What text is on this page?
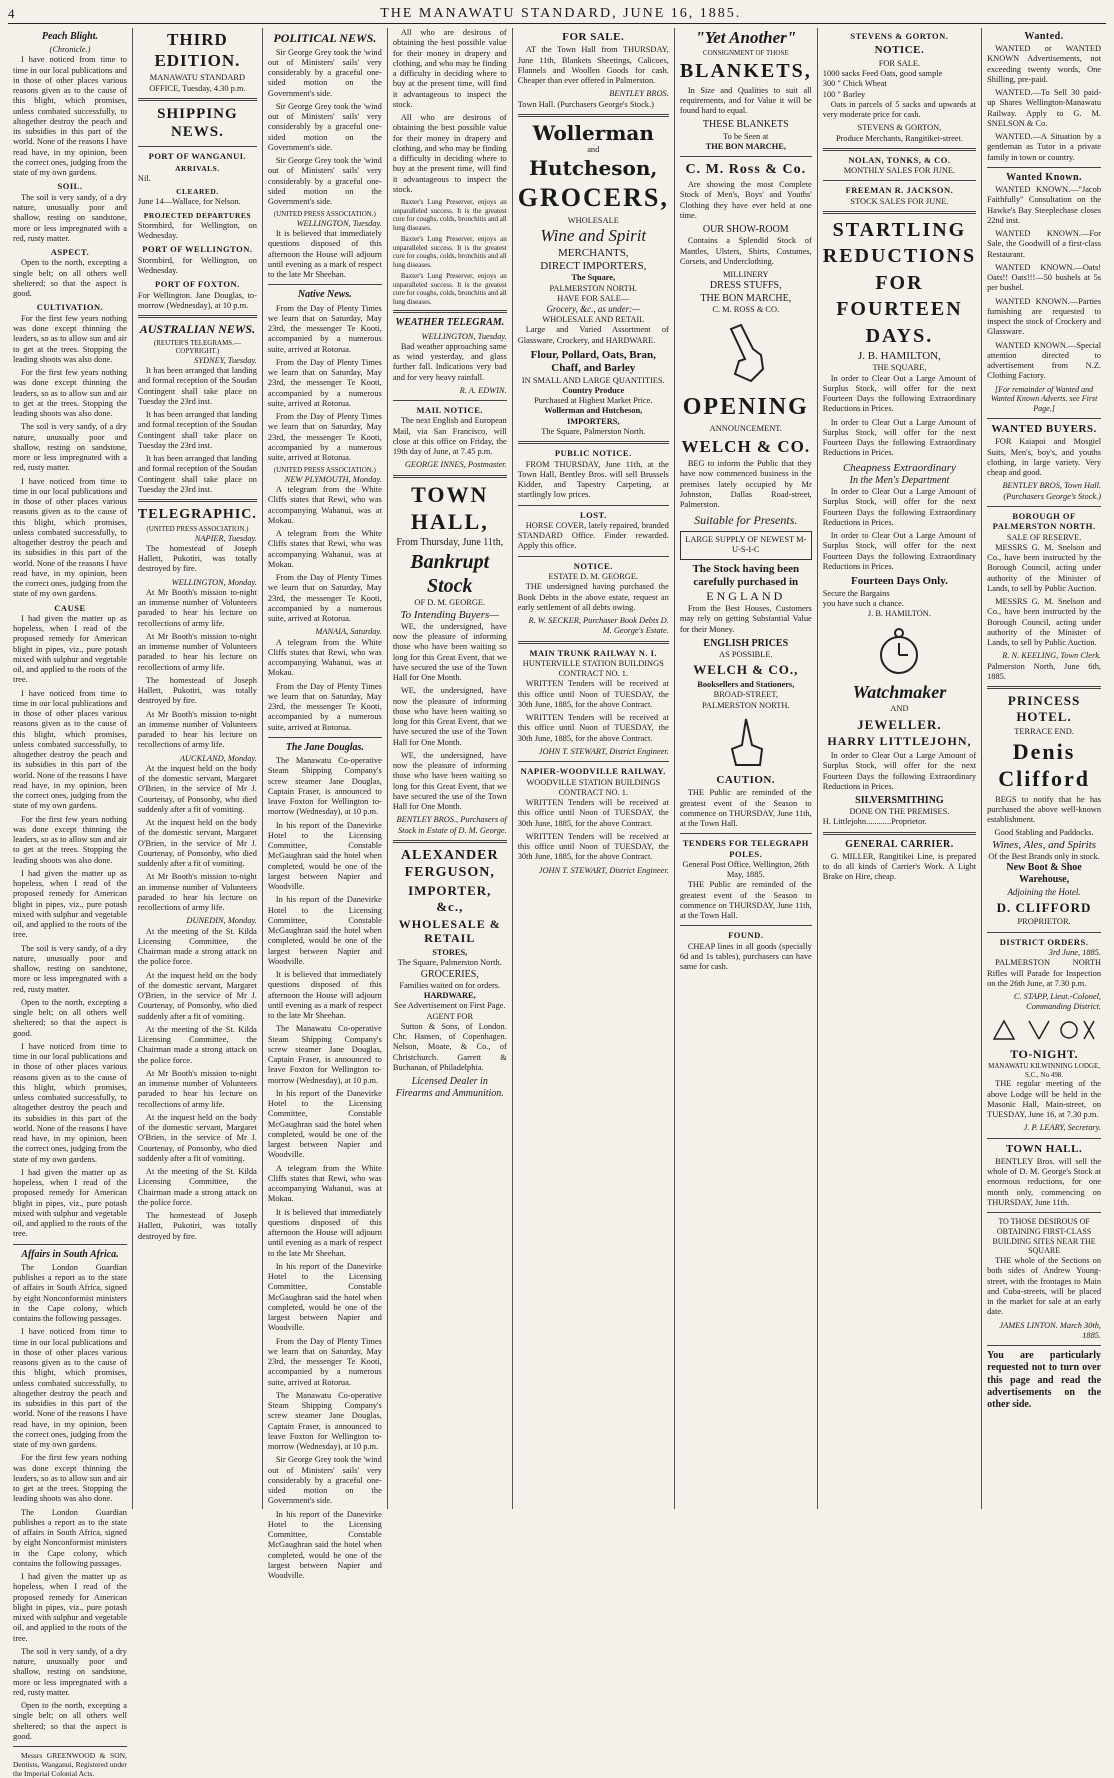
4	THE MANAWATU STANDARD, JUNE 16, 1885.
Peach Blight.
(Chronicle.)

I have noticed from time to time in our local publications and in those of other places various reasons given as to the cause of this blight, which promises, unless combated successfully, to altogether destroy the peach and its subsidies in this part of the world. None of the reasons I have read have, in my opinion, been the correct ones, judging from the state of my own gardens.

SOIL.

The soil is very sandy, of a dry nature, unusually poor and shallow, resting on sandstone, more or less impregnated with a red, rusty matter.

ASPECT.

Open to the north, excepting a single belt; on all others well sheltered; so that the aspect is good.

CULTIVATION.

For the first few years nothing was done except thinning the leaders, so as to allow sun and air to get at the trees. Stopping the leading shoots was also done.

For the first few years nothing was done except thinning the leaders, so as to allow sun and air to get at the trees. Stopping the leading shoots was also done.

The soil is very sandy, of a dry nature, unusually poor and shallow, resting on sandstone, more or less impregnated with a red, rusty matter.

I have noticed from time to time in our local publications and in those of other places various reasons given as to the cause of this blight, which promises, unless combated successfully, to altogether destroy the peach and its subsidies in this part of the world. None of the reasons I have read have, in my opinion, been the correct ones, judging from the state of my own gardens.

CAUSE

I had given the matter up as hopeless, when I read of the proposed remedy for American blight in pipes, viz., pure potash mixed with sulphur and vegetable oil, and applied to the roots of the tree.

I have noticed from time to time in our local publications and in those of other places various reasons given as to the cause of this blight, which promises, unless combated successfully, to altogether destroy the peach and its subsidies in this part of the world. None of the reasons I have read have, in my opinion, been the correct ones, judging from the state of my own gardens.

For the first few years nothing was done except thinning the leaders, so as to allow sun and air to get at the trees. Stopping the leading shoots was also done.

I had given the matter up as hopeless, when I read of the proposed remedy for American blight in pipes, viz., pure potash mixed with sulphur and vegetable oil, and applied to the roots of the tree.

The soil is very sandy, of a dry nature, unusually poor and shallow, resting on sandstone, more or less impregnated with a red, rusty matter.

Open to the north, excepting a single belt; on all others well sheltered; so that the aspect is good.

I have noticed from time to time in our local publications and in those of other places various reasons given as to the cause of this blight, which promises, unless combated successfully, to altogether destroy the peach and its subsidies in this part of the world. None of the reasons I have read have, in my opinion, been the correct ones, judging from the state of my own gardens.

I had given the matter up as hopeless, when I read of the proposed remedy for American blight in pipes, viz., pure potash mixed with sulphur and vegetable oil, and applied to the roots of the tree.

Affairs in South Africa.

The London Guardian publishes a report as to the state of affairs in South Africa, signed by eight Nonconformist ministers in the Cape colony, which contains the following passages.

I have noticed from time to time in our local publications and in those of other places various reasons given as to the cause of this blight, which promises, unless combated successfully, to altogether destroy the peach and its subsidies in this part of the world. None of the reasons I have read have, in my opinion, been the correct ones, judging from the state of my own gardens.

For the first few years nothing was done except thinning the leaders, so as to allow sun and air to get at the trees. Stopping the leading shoots was also done.

The London Guardian publishes a report as to the state of affairs in South Africa, signed by eight Nonconformist ministers in the Cape colony, which contains the following passages.

I had given the matter up as hopeless, when I read of the proposed remedy for American blight in pipes, viz., pure potash mixed with sulphur and vegetable oil, and applied to the roots of the tree.

The soil is very sandy, of a dry nature, unusually poor and shallow, resting on sandstone, more or less impregnated with a red, rusty matter.

Open to the north, excepting a single belt; on all others well sheltered; so that the aspect is good.

Messrs GREENWOOD & SON, Dentists, Wanganui, Registered under the Imperial Colonial Acts.

THIRD EDITION.
MANAWATU STANDARD OFFICE, Tuesday, 4.30 p.m.
SHIPPING NEWS.
PORT OF WANGANUI.
ARRIVALS.
Nil.
CLEARED.
June 14—Wallace, for Nelson.
PROJECTED DEPARTURES
Stormbird, for Wellington, on Wednesday.
PORT OF WELLINGTON.
Stormbird, for Wellington, on Wednesday.
PORT OF FOXTON.
For Wellington. Jane Douglas, to-morrow (Wednesday), at 10 p.m.
AUSTRALIAN NEWS.
(REUTER'S TELEGRAMS.—COPYRIGHT.)
SYDNEY, Tuesday.

It has been arranged that landing and formal reception of the Soudan Contingent shall take place on Tuesday the 23rd inst.

It has been arranged that landing and formal reception of the Soudan Contingent shall take place on Tuesday the 23rd inst.

It has been arranged that landing and formal reception of the Soudan Contingent shall take place on Tuesday the 23rd inst.

TELEGRAPHIC.
(UNITED PRESS ASSOCIATION.)
NAPIER, Tuesday.

The homestead of Joseph Hallett, Pukotiri, was totally destroyed by fire.

WELLINGTON, Monday.

At Mr Booth's mission to-night an immense number of Volunteers paraded to hear his lecture on recollections of army life.

At Mr Booth's mission to-night an immense number of Volunteers paraded to hear his lecture on recollections of army life.

The homestead of Joseph Hallett, Pukotiri, was totally destroyed by fire.

At Mr Booth's mission to-night an immense number of Volunteers paraded to hear his lecture on recollections of army life.

AUCKLAND, Monday.

At the inquest held on the body of the domestic servant, Margaret O'Brien, in the service of Mr J. Courtenay, of Ponsonby, who died suddenly after a fit of vomiting.

At the inquest held on the body of the domestic servant, Margaret O'Brien, in the service of Mr J. Courtenay, of Ponsonby, who died suddenly after a fit of vomiting.

At Mr Booth's mission to-night an immense number of Volunteers paraded to hear his lecture on recollections of army life.

DUNEDIN, Monday.

At the meeting of the St. Kilda Licensing Committee, the Chairman made a strong attack on the police force.

At the inquest held on the body of the domestic servant, Margaret O'Brien, in the service of Mr J. Courtenay, of Ponsonby, who died suddenly after a fit of vomiting.

At the meeting of the St. Kilda Licensing Committee, the Chairman made a strong attack on the police force.

At Mr Booth's mission to-night an immense number of Volunteers paraded to hear his lecture on recollections of army life.

At the inquest held on the body of the domestic servant, Margaret O'Brien, in the service of Mr J. Courtenay, of Ponsonby, who died suddenly after a fit of vomiting.

At the meeting of the St. Kilda Licensing Committee, the Chairman made a strong attack on the police force.

The homestead of Joseph Hallett, Pukotiri, was totally destroyed by fire.

POLITICAL NEWS.

Sir George Grey took the 'wind out of Ministers' sails' very considerably by a graceful one-sided motion on the Government's side.

Sir George Grey took the 'wind out of Ministers' sails' very considerably by a graceful one-sided motion on the Government's side.

Sir George Grey took the 'wind out of Ministers' sails' very considerably by a graceful one-sided motion on the Government's side.

(UNITED PRESS ASSOCIATION.)
WELLINGTON, Tuesday.

It is believed that immediately questions disposed of this afternoon the House will adjourn until evening as a mark of respect to the late Mr Sheehan.

Native News.

From the Day of Plenty Times we learn that on Saturday, May 23rd, the messenger Te Kooti, accompanied by a numerous suite, arrived at Rotorua.

From the Day of Plenty Times we learn that on Saturday, May 23rd, the messenger Te Kooti, accompanied by a numerous suite, arrived at Rotorua.

From the Day of Plenty Times we learn that on Saturday, May 23rd, the messenger Te Kooti, accompanied by a numerous suite, arrived at Rotorua.

(UNITED PRESS ASSOCIATION.)
NEW PLYMOUTH, Monday.

A telegram from the White Cliffs states that Rewi, who was accompanying Wahanui, was at Mokau.

A telegram from the White Cliffs states that Rewi, who was accompanying Wahanui, was at Mokau.

From the Day of Plenty Times we learn that on Saturday, May 23rd, the messenger Te Kooti, accompanied by a numerous suite, arrived at Rotorua.

MANAIA, Saturday.

A telegram from the White Cliffs states that Rewi, who was accompanying Wahanui, was at Mokau.

From the Day of Plenty Times we learn that on Saturday, May 23rd, the messenger Te Kooti, accompanied by a numerous suite, arrived at Rotorua.

The Jane Douglas.

The Manawatu Co-operative Steam Shipping Company's screw steamer Jane Douglas, Captain Fraser, is announced to leave Foxton for Wellington to-morrow (Wednesday), at 10 p.m.

In his report of the Danevirke Hotel to the Licensing Committee, Constable McGaughran said the hotel when completed, would be one of the largest between Napier and Woodville.

In his report of the Danevirke Hotel to the Licensing Committee, Constable McGaughran said the hotel when completed, would be one of the largest between Napier and Woodville.

It is believed that immediately questions disposed of this afternoon the House will adjourn until evening as a mark of respect to the late Mr Sheehan.

The Manawatu Co-operative Steam Shipping Company's screw steamer Jane Douglas, Captain Fraser, is announced to leave Foxton for Wellington to-morrow (Wednesday), at 10 p.m.

In his report of the Danevirke Hotel to the Licensing Committee, Constable McGaughran said the hotel when completed, would be one of the largest between Napier and Woodville.

A telegram from the White Cliffs states that Rewi, who was accompanying Wahanui, was at Mokau.

It is believed that immediately questions disposed of this afternoon the House will adjourn until evening as a mark of respect to the late Mr Sheehan.

In his report of the Danevirke Hotel to the Licensing Committee, Constable McGaughran said the hotel when completed, would be one of the largest between Napier and Woodville.

From the Day of Plenty Times we learn that on Saturday, May 23rd, the messenger Te Kooti, accompanied by a numerous suite, arrived at Rotorua.

The Manawatu Co-operative Steam Shipping Company's screw steamer Jane Douglas, Captain Fraser, is announced to leave Foxton for Wellington to-morrow (Wednesday), at 10 p.m.

Sir George Grey took the 'wind out of Ministers' sails' very considerably by a graceful one-sided motion on the Government's side.

In his report of the Danevirke Hotel to the Licensing Committee, Constable McGaughran said the hotel when completed, would be one of the largest between Napier and Woodville.

All who are desirous of obtaining the best possible value for their money in drapery and clothing, and who may be finding a difficulty in deciding where to buy at the present time, will find it advantageous to inspect the stock.

All who are desirous of obtaining the best possible value for their money in drapery and clothing, and who may be finding a difficulty in deciding where to buy at the present time, will find it advantageous to inspect the stock.

Baxter's Lung Preserver, enjoys an unparalleled success. It is the greatest cure for coughs, colds, bronchitis and all lung diseases.

Baxter's Lung Preserver, enjoys an unparalleled success. It is the greatest cure for coughs, colds, bronchitis and all lung diseases.

Baxter's Lung Preserver, enjoys an unparalleled success. It is the greatest cure for coughs, colds, bronchitis and all lung diseases.

WEATHER TELEGRAM.
WELLINGTON, Tuesday.

Bad weather approaching same as wind yesterday, and glass further fall. Indications very bad and for very heavy rainfall.

R. A. EDWIN.
MAIL NOTICE.

The next English and European Mail, via San Francisco, will close at this office on Friday, the 19th day of June, at 7.45 p.m.

GEORGE INNES, Postmaster.
TOWN HALL,
From Thursday, June 11th,
Bankrupt Stock
OF D. M. GEORGE.
To Intending Buyers—

WE, the undersigned, have now the pleasure of informing those who have been waiting so long for this Great Event, that we have secured the use of the Town Hall for One Month.

WE, the undersigned, have now the pleasure of informing those who have been waiting so long for this Great Event, that we have secured the use of the Town Hall for One Month.

WE, the undersigned, have now the pleasure of informing those who have been waiting so long for this Great Event, that we have secured the use of the Town Hall for One Month.

BENTLEY BROS., Purchasers of Stock in Estate of D. M. George.
ALEXANDER FERGUSON,
IMPORTER, &c.,
WHOLESALE & RETAIL
STORES,
The Square, Palmerston North.
GROCERIES,
Families waited on for orders.
HARDWARE,
See Advertisement on First Page.
AGENT FOR

Sutton & Sons, of London. Chr. Hansen, of Copenhagen. Nelson, Moate, & Co., of Christchurch. Garrett & Buchanan, of Philadelphia.

Licensed Dealer in Firearms and Ammunition.
FOR SALE.

AT the Town Hall from THURSDAY, June 11th, Blankets Sheetings, Calicoes, Flannels and Woollen Goods for cash. Cheaper than ever offered in Palmerston.

BENTLEY BROS.
Town Hall. (Purchasers George's Stock.)
Wollerman
and
Hutcheson,
GROCERS,
WHOLESALE
Wine and Spirit
MERCHANTS,
DIRECT IMPORTERS,
The Square,
PALMERSTON NORTH.
HAVE FOR SALE—
Grocery, &c., as under:—
WHOLESALE AND RETAIL

Large and Varied Assortment of Glassware, Crockery, and HARDWARE.

Flour, Pollard, Oats, Bran, Chaff, and Barley
IN SMALL AND LARGE QUANTITIES.
Country Produce
Purchased at Highest Market Price.
Wollerman and Hutcheson, IMPORTERS,
The Square, Palmerston North.
PUBLIC NOTICE.

FROM THURSDAY, June 11th, at the Town Hall, Bentley Bros. will sell Brussels Kidder, and Tapestry Carpeting, at startlingly low prices.

LOST.

HORSE COVER, lately repaired, branded STANDARD Office. Finder rewarded. Apply this office.

NOTICE.
ESTATE D. M. GEORGE.

THE undersigned having purchased the Book Debts in the above estate, request an early settlement of all debts owing.

R. W. SECKER, Purchaser Book Debts D. M. George's Estate.
MAIN TRUNK RAILWAY N. I.
HUNTERVILLE STATION BUILDINGS CONTRACT NO. 1.

WRITTEN Tenders will be received at this office until Noon of TUESDAY, the 30th June, 1885, for the above Contract.

WRITTEN Tenders will be received at this office until Noon of TUESDAY, the 30th June, 1885, for the above Contract.

JOHN T. STEWART, District Engineer.
NAPIER-WOODVILLE RAILWAY.
WOODVILLE STATION BUILDINGS CONTRACT NO. 1.

WRITTEN Tenders will be received at this office until Noon of TUESDAY, the 30th June, 1885, for the above Contract.

WRITTEN Tenders will be received at this office until Noon of TUESDAY, the 30th June, 1885, for the above Contract.

JOHN T. STEWART, District Engineer.
"Yet Another"
CONSIGNMENT OF THOSE
BLANKETS,

In Size and Qualities to suit all requirements, and for Value it will be found hard to equal.

THESE BLANKETS
To be Seen at
THE BON MARCHE,
C. M. Ross & Co.

Are showing the most Complete Stock of Men's, Boys' and Youths' Clothing they have ever held at one time.

OUR SHOW-ROOM

Contains a Splendid Stock of Mantles, Ulsters, Shirts, Costumes, Corsets, and Underclothing.

MILLINERY
DRESS STUFFS,
THE BON MARCHE,
C. M. ROSS & CO.
OPENING
ANNOUNCEMENT.
WELCH & CO.

BEG to inform the Public that they have now commenced business in the premises lately occupied by Mr Johnston, Dallas Road-street, Palmerston.

Suitable for Presents.
LARGE SUPPLY OF NEWEST M-U-S-I-C
The Stock having been carefully purchased in
ENGLAND

From the Best Houses, Customers may rely on getting Substantial Value for their Money.

ENGLISH PRICES
AS POSSIBLE.
WELCH & CO.,
Booksellers and Stationers,
BROAD-STREET,
PALMERSTON NORTH.
CAUTION.

THE Public are reminded of the greatest event of the Season to commence on THURSDAY, June 11th, at the Town Hall.

TENDERS FOR TELEGRAPH POLES.
General Post Office, Wellington, 26th May, 1885.

THE Public are reminded of the greatest event of the Season to commence on THURSDAY, June 11th, at the Town Hall.

FOUND.

CHEAP lines in all goods (specially 6d and 1s tables), purchasers can have same for cash.

STEVENS & GORTON.
NOTICE.
FOR SALE.
1000 sacks Feed Oats, good sample
300 " Chick Wheat
100 " Barley

Oats in parcels of 5 sacks and upwards at very moderate price for cash.

STEVENS & GORTON,
Produce Merchants, Rangitikei-street.
NOLAN, TONKS, & CO.
MONTHLY SALES FOR JUNE.
FREEMAN R. JACKSON.
STOCK SALES FOR JUNE.
STARTLING
REDUCTIONS
FOR
FOURTEEN
DAYS.
J. B. HAMILTON,
THE SQUARE,

In order to Clear Out a Large Amount of Surplus Stock, will offer for the next Fourteen Days the following Extraordinary Reductions in Prices.

In order to Clear Out a Large Amount of Surplus Stock, will offer for the next Fourteen Days the following Extraordinary Reductions in Prices.

Cheapness Extraordinary
In the Men's Department

In order to Clear Out a Large Amount of Surplus Stock, will offer for the next Fourteen Days the following Extraordinary Reductions in Prices.

In order to Clear Out a Large Amount of Surplus Stock, will offer for the next Fourteen Days the following Extraordinary Reductions in Prices.

Fourteen Days Only.
Secure the Bargains
you have such a chance.
J. B. HAMILTON.
Watchmaker
AND
JEWELLER.
HARRY LITTLEJOHN,

In order to Clear Out a Large Amount of Surplus Stock, will offer for the next Fourteen Days the following Extraordinary Reductions in Prices.

SILVERSMITHING
DONE ON THE PREMISES.
H. Littlejohn............Proprietor.
GENERAL CARRIER.

G. MILLER, Rangitikei Line, is prepared to do all kinds of Carrier's Work. A Light Brake on Hire, cheap.

Wanted.

WANTED or WANTED KNOWN Advertisements, not exceeding twenty words, One Shilling, pre-paid.

WANTED.—To Sell 30 paid-up Shares Wellington-Manawatu Railway. Apply to G. M. SNELSON & Co.

WANTED.—A Situation by a gentleman as Tutor in a private family in town or country.

Wanted Known.

WANTED KNOWN.—"Jacob Faithfully" Consultation on the Hawke's Bay Steeplechase closes 22nd inst.

WANTED KNOWN.—For Sale, the Goodwill of a first-class Restaurant.

WANTED KNOWN.—Oats! Oats!! Oats!!!—50 bushels at 5s per bushel.

WANTED KNOWN.—Parties furnishing are requested to inspect the stock of Crockery and Glassware.

WANTED KNOWN.—Special attention directed to advertisement from N.Z. Clothing Factory.

[For remainder of Wanted and Wanted Known Adverts. see First Page.]
WANTED BUYERS.

FOR Kaiapoi and Mosgiel Suits, Men's, boy's, and youths clothing, in large variety. Very cheap and good.

BENTLEY BROS, Town Hall. (Purchasers George's Stock.)
BOROUGH OF PALMERSTON NORTH.
SALE OF RESERVE.

MESSRS G. M. Snelson and Co., have been instructed by the Borough Council, acting under authority of the Minister of Lands, to sell by Public Auction.

MESSRS G. M. Snelson and Co., have been instructed by the Borough Council, acting under authority of the Minister of Lands, to sell by Public Auction.

R. N. KEELING, Town Clerk.
Palmerston North, June 6th, 1885.
PRINCESS HOTEL.
TERRACE END.
Denis Clifford

BEGS to notify that he has purchased the above well-known establishment.

Good Stabling and Paddocks.
Wines, Ales, and Spirits
Of the Best Brands only in stock.
New Boot & Shoe Warehouse,
Adjoining the Hotel.
D. CLIFFORD
PROPRIETOR.
DISTRICT ORDERS.
3rd June, 1885.

PALMERSTON NORTH Rifles will Parade for Inspection on the 26th June, at 7.30 p.m.

C. STAPP, Lieut.-Colonel, Commanding District.
TO-NIGHT.
MANAWATU KILWINNING LODGE, S.C., No 498.

THE regular meeting of the above Lodge will be held in the Masonic Hall, Main-street, on TUESDAY, June 16, at 7.30 p.m.

J. P. LEARY, Secretary.
TOWN HALL.

BENTLEY Bros. will sell the whole of D. M. George's Stock at enormous reductions, for one month only, commencing on THURSDAY, June 11th.

TO THOSE DESIROUS OF OBTAINING FIRST-CLASS BUILDING SITES NEAR THE SQUARE

THE whole of the Sections on both sides of Andrew Young-street, with the frontages to Main and Cuba-streets, will be placed in the market for sale at an early date.

JAMES LINTON. March 30th, 1885.

You are particularly requested not to turn over this page and read the advertisements on the other side.
